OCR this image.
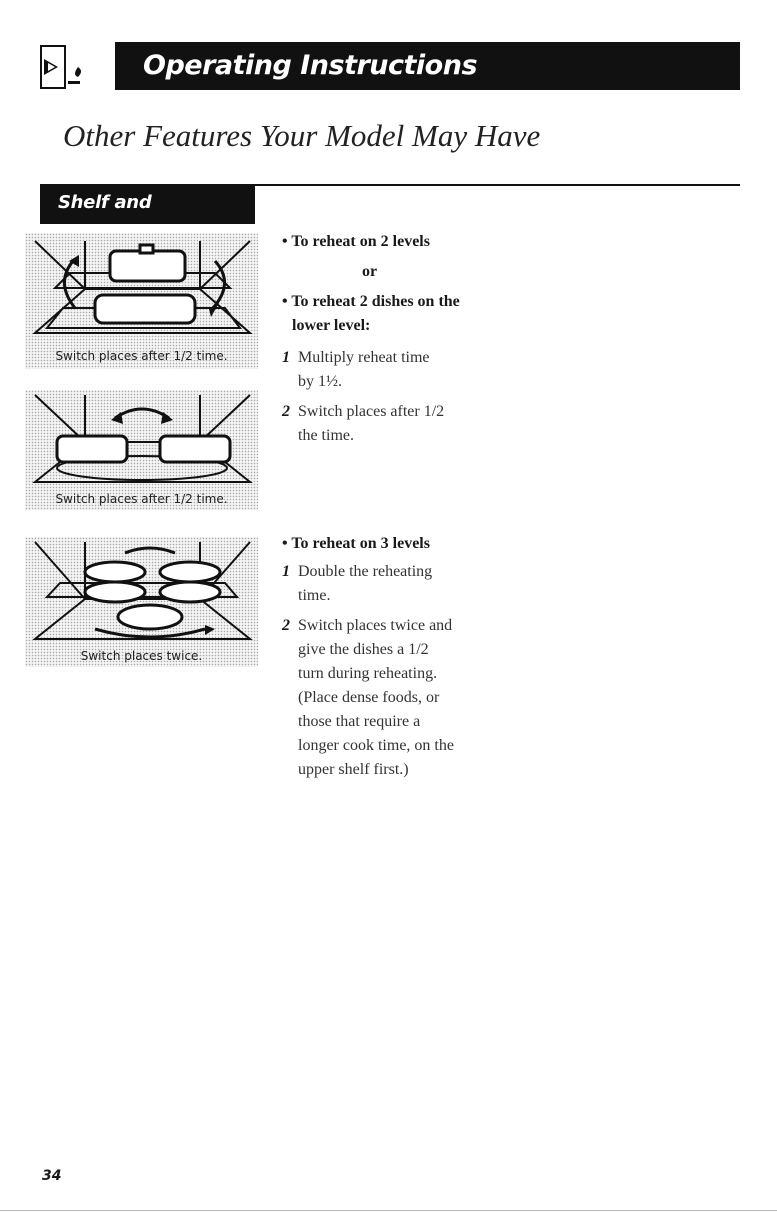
Operating Instructions
Other Features Your Model May Have
Shelf and
Switch places after 1/2 time.
Switch places after 1/2 time.
Switch places twice.

• To reheat on 2 levels

or

• To reheat 2 dishes on the

lower level:

1 Multiply reheat time
by 1½.
2 Switch places after 1/2
the time.

• To reheat on 3 levels

1 Double the reheating
time.
2 Switch places twice and
give the dishes a 1/2
turn during reheating.
(Place dense foods, or
those that require a
longer cook time, on the
upper shelf first.)
34
